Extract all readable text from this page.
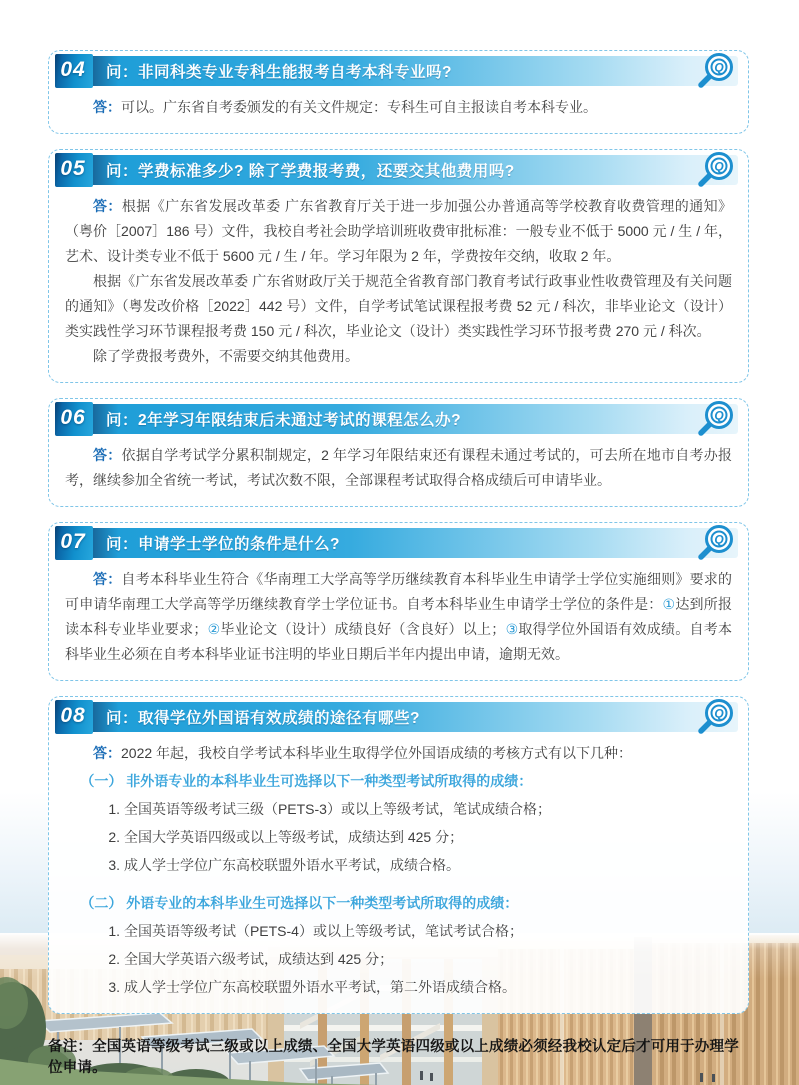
04	问：非同科类专业专科生能报考自考本科专业吗?	Q

答：可以。广东省自考委颁发的有关文件规定：专科生可自主报读自考本科专业。

05	问：学费标准多少? 除了学费报考费，还要交其他费用吗?	Q

答：根据《广东省发展改革委 广东省教育厅关于进一步加强公办普通高等学校教育收费管理的通知》（粤价［2007］186 号）文件，我校自考社会助学培训班收费审批标准：一般专业不低于 5000 元 / 生 / 年，艺术、设计类专业不低于 5600 元 / 生 / 年。学习年限为 2 年，学费按年交纳，收取 2 年。

根据《广东省发展改革委 广东省财政厅关于规范全省教育部门教育考试行政事业性收费管理及有关问题的通知》（粤发改价格［2022］442 号）文件，自学考试笔试课程报考费 52 元 / 科次，非毕业论文（设计）类实践性学习环节课程报考费 150 元 / 科次，毕业论文（设计）类实践性学习环节报考费 270 元 / 科次。

除了学费报考费外，不需要交纳其他费用。

06	问：2年学习年限结束后未通过考试的课程怎么办?	Q

答：依据自学考试学分累积制规定，2 年学习年限结束还有课程未通过考试的，可去所在地市自考办报考，继续参加全省统一考试，考试次数不限，全部课程考试取得合格成绩后可申请毕业。

07	问：申请学士学位的条件是什么?	Q

答：自考本科毕业生符合《华南理工大学高等学历继续教育本科毕业生申请学士学位实施细则》要求的可申请华南理工大学高等学历继续教育学士学位证书。自考本科毕业生申请学士学位的条件是：①达到所报读本科专业毕业要求；②毕业论文（设计）成绩良好（含良好）以上；③取得学位外国语有效成绩。自考本科毕业生必须在自考本科毕业证书注明的毕业日期后半年内提出申请，逾期无效。

08	问：取得学位外国语有效成绩的途径有哪些?	Q

答：2022 年起，我校自学考试本科毕业生取得学位外国语成绩的考核方式有以下几种：

（一） 非外语专业的本科毕业生可选择以下一种类型考试所取得的成绩：

1. 全国英语等级考试三级（PETS-3）或以上等级考试，笔试成绩合格；

2. 全国大学英语四级或以上等级考试，成绩达到 425 分；

3. 成人学士学位广东高校联盟外语水平考试，成绩合格。

（二） 外语专业的本科毕业生可选择以下一种类型考试所取得的成绩：

1. 全国英语等级考试（PETS-4）或以上等级考试，笔试考试合格；

2. 全国大学英语六级考试，成绩达到 425 分；

3. 成人学士学位广东高校联盟外语水平考试，第二外语成绩合格。

备注：全国英语等级考试三级或以上成绩、全国大学英语四级或以上成绩必须经我校认定后才可用于办理学位申请。
